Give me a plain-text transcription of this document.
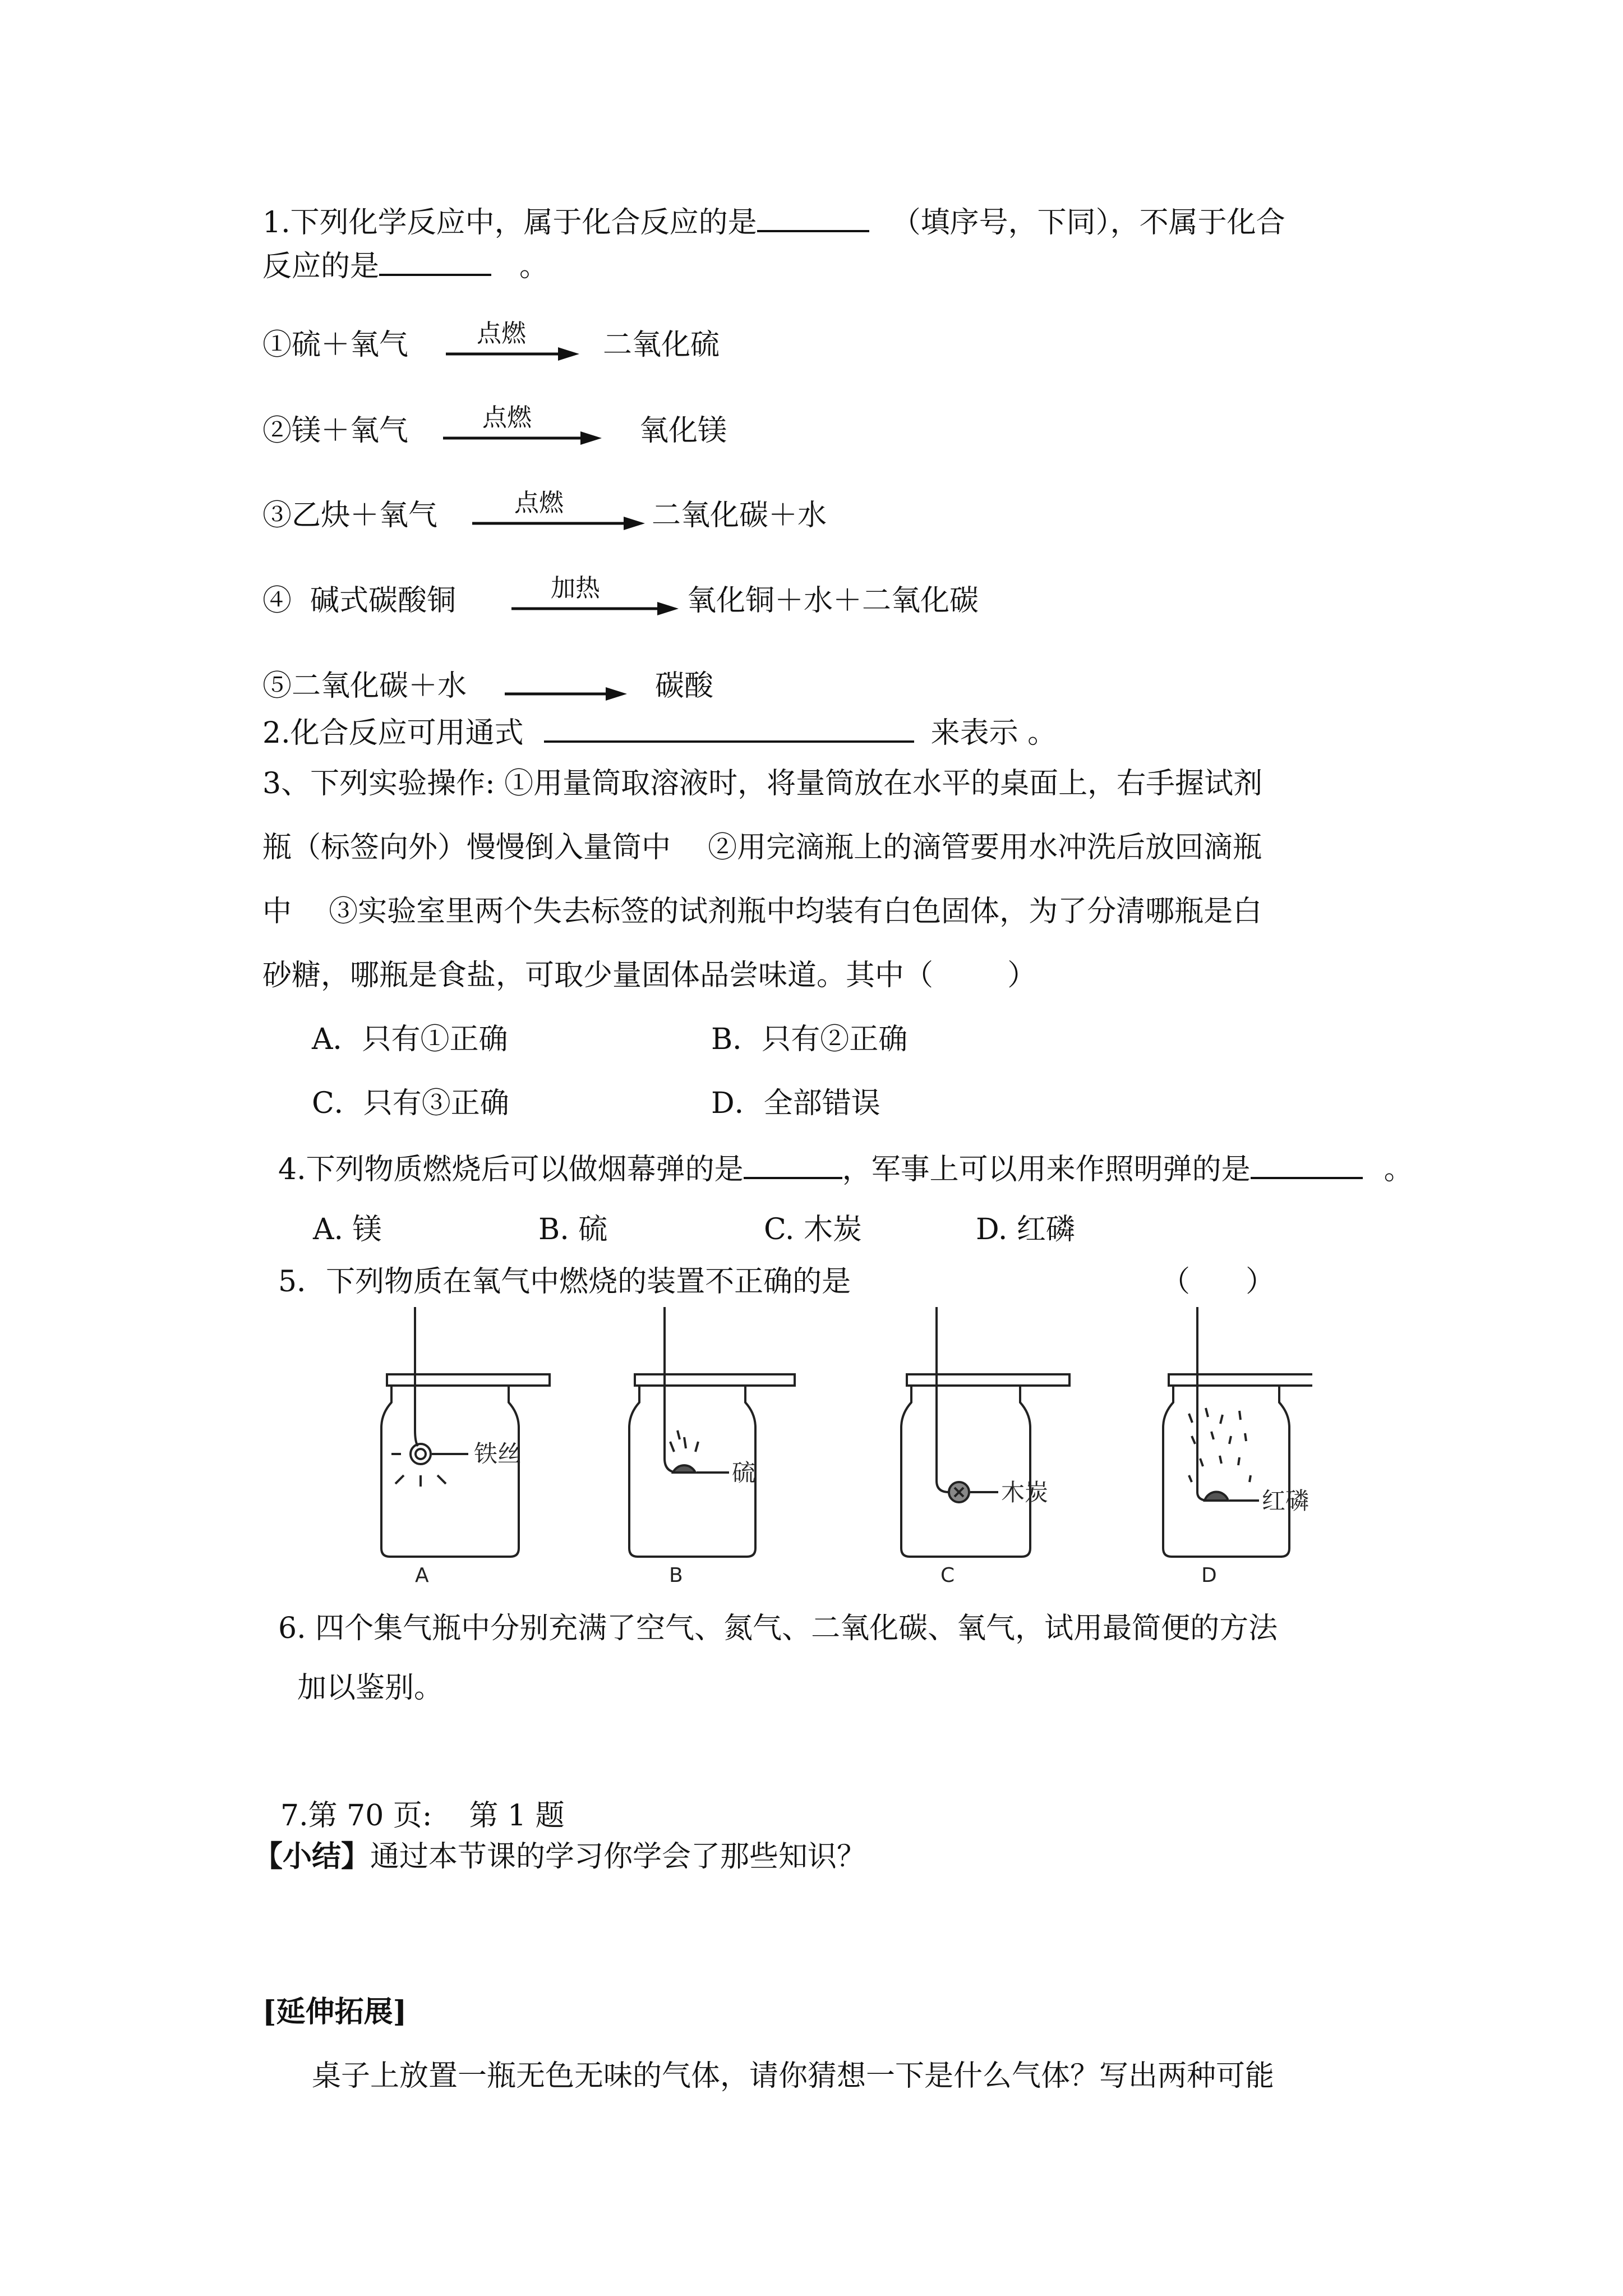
1.下列化学反应中，属于化合反应的是	（填序号，下同），不属于化合
反应的是	。
①硫＋氧气	点燃	二氧化硫
②镁＋氧气	点燃	氧化镁
③乙炔＋氧气	点燃	二氧化碳＋水
④  碱式碳酸铜	加热	氧化铜＋水＋二氧化碳
⑤二氧化碳＋水	碳酸
2.化合反应可用通式	来表示 。
3、下列实验操作: ①用量筒取溶液时，将量筒放在水平的桌面上，右手握试剂
瓶（标签向外）慢慢倒入量筒中    ②用完滴瓶上的滴管要用水冲洗后放回滴瓶
中    ③实验室里两个失去标签的试剂瓶中均装有白色固体，为了分清哪瓶是白
砂糖，哪瓶是食盐，可取少量固体品尝味道。其中（        ）
A．只有①正确	B．只有②正确
C．只有③正确	D．全部错误
4.下列物质燃烧后可以做烟幕弹的是	，军事上可以用来作照明弹的是	。
A. 镁	B. 硫	C. 木炭	D. 红磷
5．下列物质在氧气中燃烧的装置不正确的是	（      ）
铁丝
硫
木炭	红磷
A	B	C	D
6. 四个集气瓶中分别充满了空气、氮气、二氧化碳、氧气，试用最简便的方法
加以鉴别。
7.第 70 页:    第 1 题
【小结】通过本节课的学习你学会了那些知识？
[延伸拓展]
桌子上放置一瓶无色无味的气体，请你猜想一下是什么气体？写出两种可能
